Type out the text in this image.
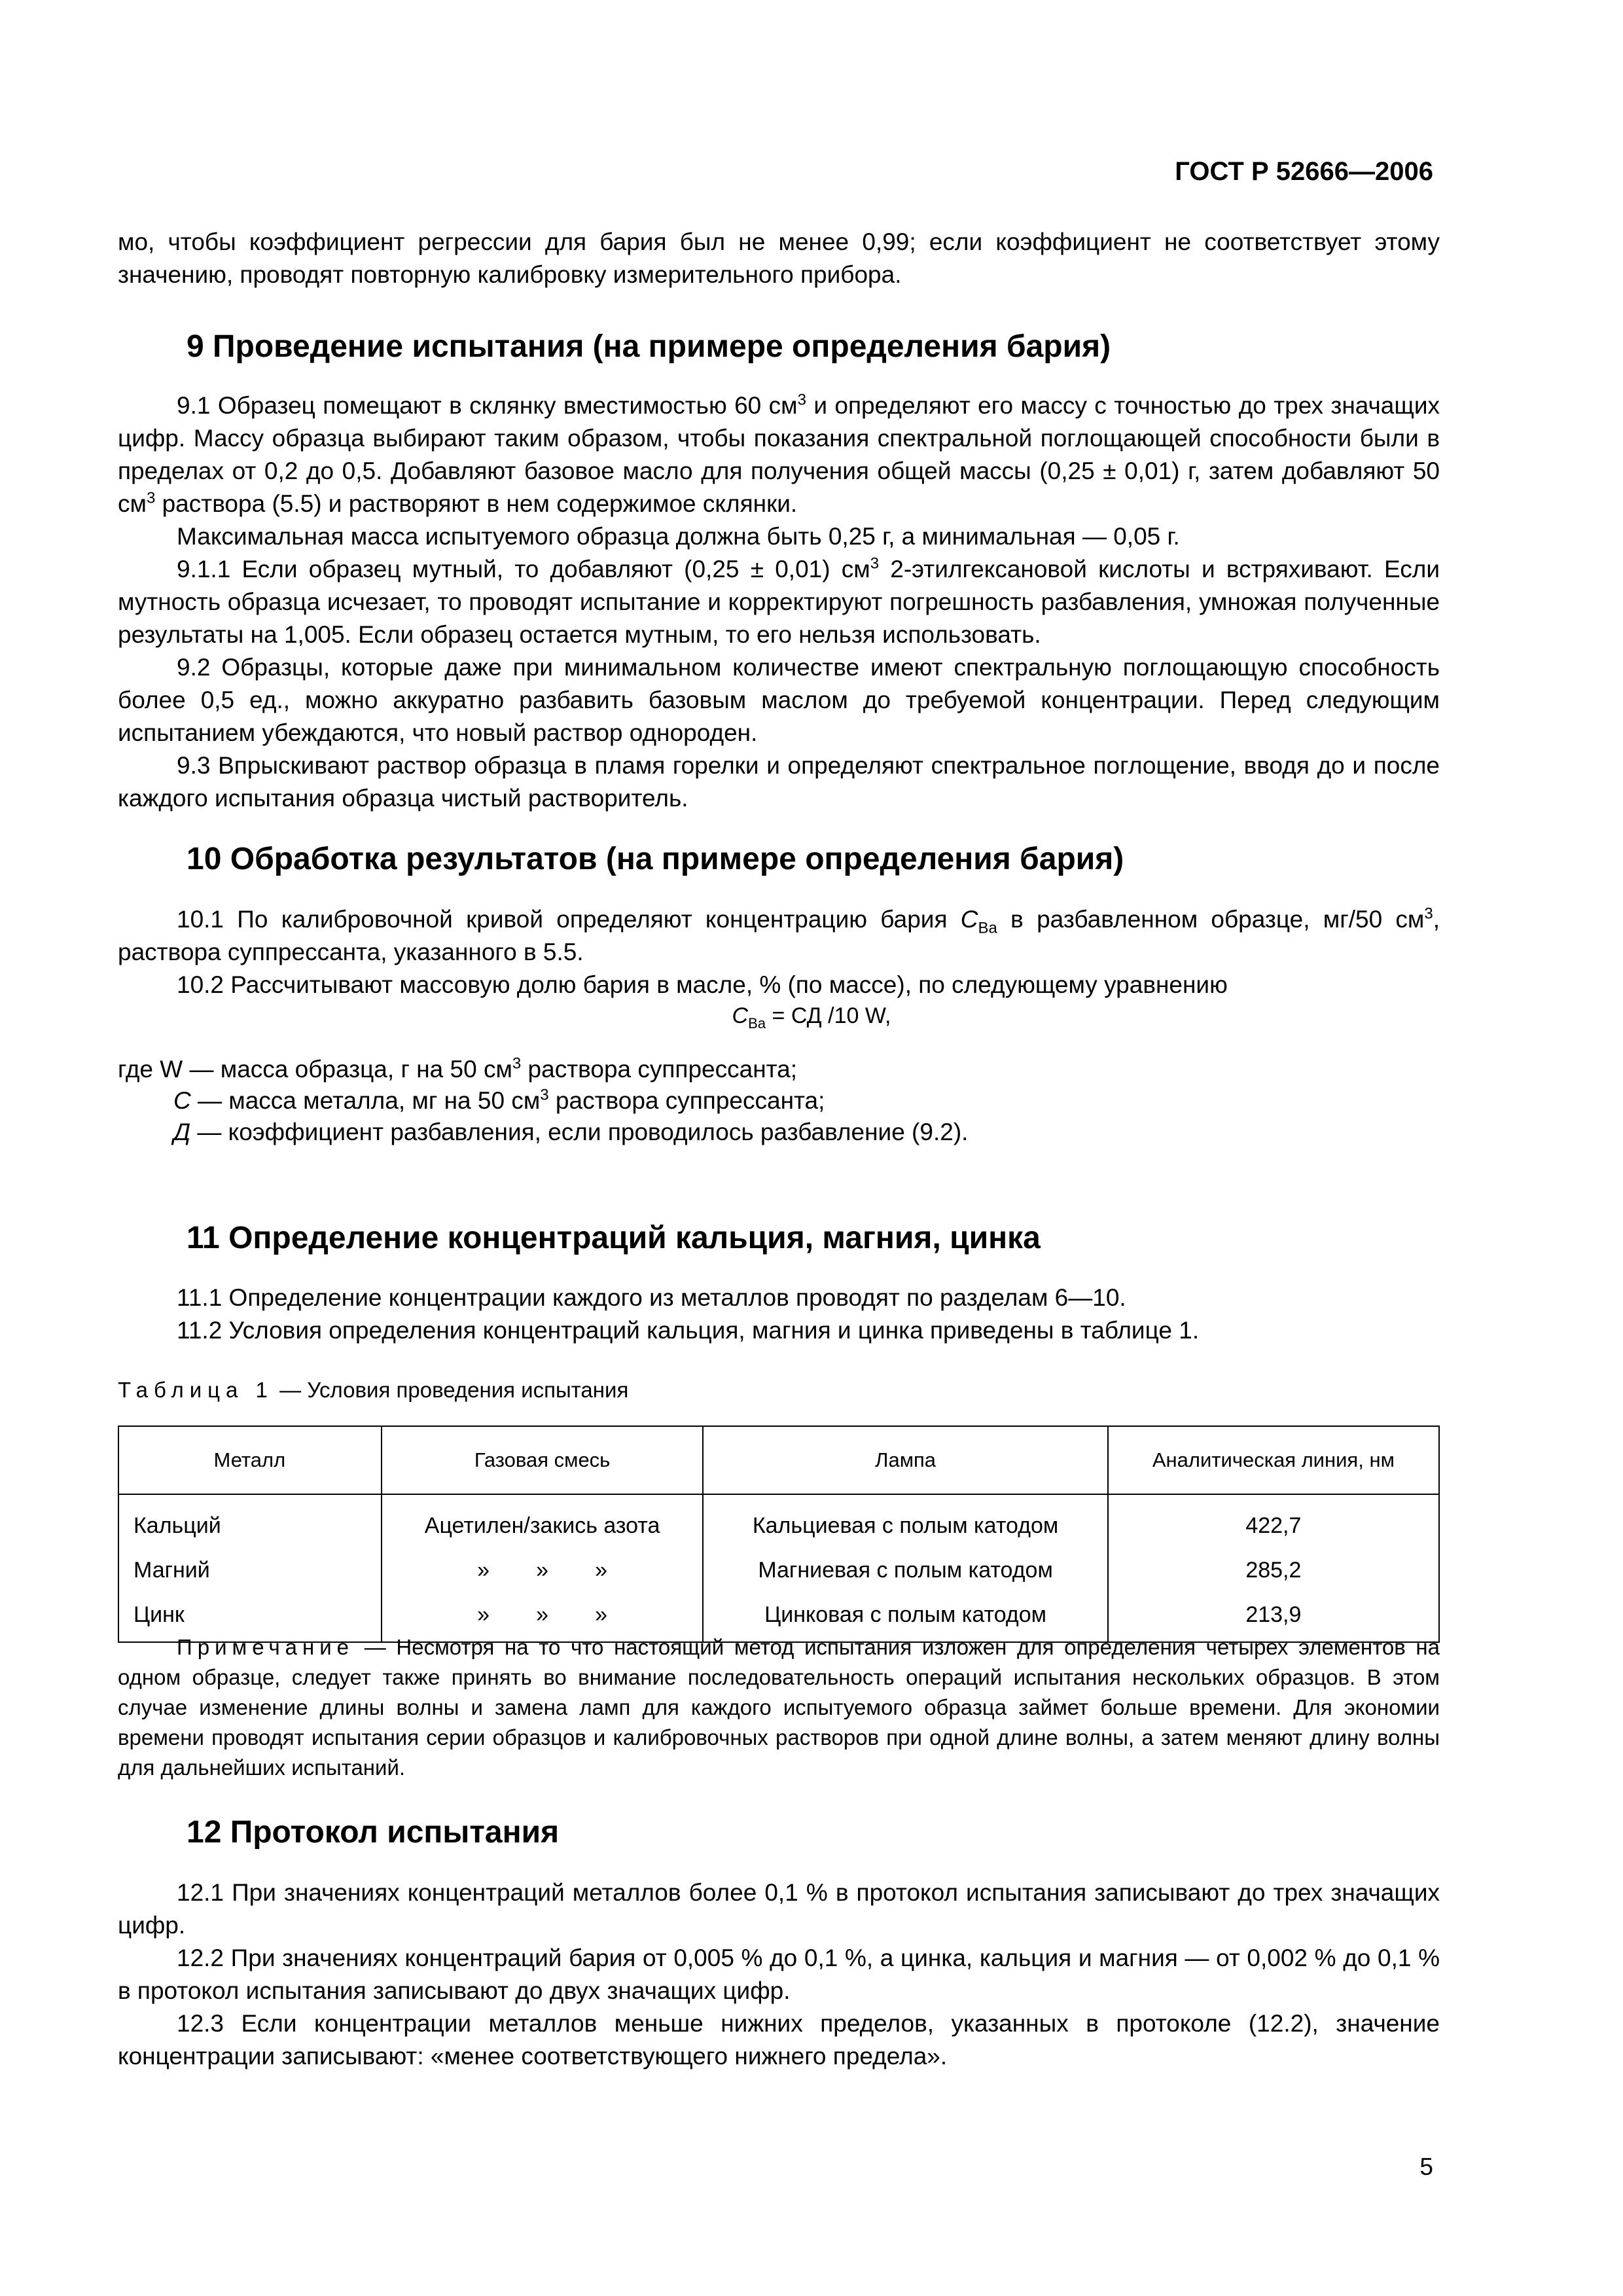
ГОСТ Р 52666—2006

мо, чтобы коэффициент регрессии для бария был не менее 0,99; если коэффициент не соответствует этому значению, проводят повторную калибровку измерительного прибора.

9 Проведение испытания (на примере определения бария)

9.1 Образец помещают в склянку вместимостью 60 $см^3$ и определяют его массу с точностью до трех значащих цифр. Массу образца выбирают таким образом, чтобы показания спектральной поглощающей способности были в пределах от 0,2 до 0,5. Добавляют базовое масло для получения общей массы (0,25 ± 0,01) г, затем добавляют 50 $см^3$ раствора (5.5) и растворяют в нем содержимое склянки.

Максимальная масса испытуемого образца должна быть 0,25 г, а минимальная — 0,05 г.

9.1.1 Если образец мутный, то добавляют (0,25 ± 0,01) $см^3$ 2-этилгексановой кислоты и встряхивают. Если мутность образца исчезает, то проводят испытание и корректируют погрешность разбавления, умножая полученные результаты на 1,005. Если образец остается мутным, то его нельзя использовать.

9.2 Образцы, которые даже при минимальном количестве имеют спектральную поглощающую способность более 0,5 ед., можно аккуратно разбавить базовым маслом до требуемой концентрации. Перед следующим испытанием убеждаются, что новый раствор однороден.

9.3 Впрыскивают раствор образца в пламя горелки и определяют спектральное поглощение, вводя до и после каждого испытания образца чистый растворитель.

10 Обработка результатов (на примере определения бария)

10.1 По калибровочной кривой определяют концентрацию бария $C_{Ba}$ в разбавленном образце, мг/50 $см^3$, раствора суппрессанта, указанного в 5.5.

10.2 Рассчитывают массовую долю бария в масле, % (по массе), по следующему уравнению

$C_{Ba}$ = СД /10 W,
где W — масса образца, г на 50 $см^3$ раствора суппрессанта;
С — масса металла, мг на 50 $см^3$ раствора суппрессанта;
Д — коэффициент разбавления, если проводилось разбавление (9.2).
11 Определение концентраций кальция, магния, цинка

11.1 Определение концентрации каждого из металлов проводят по разделам 6—10.

11.2 Условия определения концентраций кальция, магния и цинка приведены в таблице 1.

Таблица 1 — Условия проведения испытания
Металл	Газовая смесь	Лампа	Аналитическая линия, нм
Кальций	Ацетилен/закись азота	Кальциевая с полым катодом	422,7
Магний	» » »	Магниевая с полым катодом	285,2
Цинк	» » »	Цинковая с полым катодом	213,9
Примечание — Несмотря на то что настоящий метод испытания изложен для определения четырех элементов на одном образце, следует также принять во внимание последовательность операций испытания нескольких образцов. В этом случае изменение длины волны и замена ламп для каждого испытуемого образца займет больше времени. Для экономии времени проводят испытания серии образцов и калибровочных растворов при одной длине волны, а затем меняют длину волны для дальнейших испытаний.
12 Протокол испытания

12.1 При значениях концентраций металлов более 0,1 % в протокол испытания записывают до трех значащих цифр.

12.2 При значениях концентраций бария от 0,005 % до 0,1 %, а цинка, кальция и магния — от 0,002 % до 0,1 % в протокол испытания записывают до двух значащих цифр.

12.3 Если концентрации металлов меньше нижних пределов, указанных в протоколе (12.2), значение концентрации записывают: «менее соответствующего нижнего предела».

5
